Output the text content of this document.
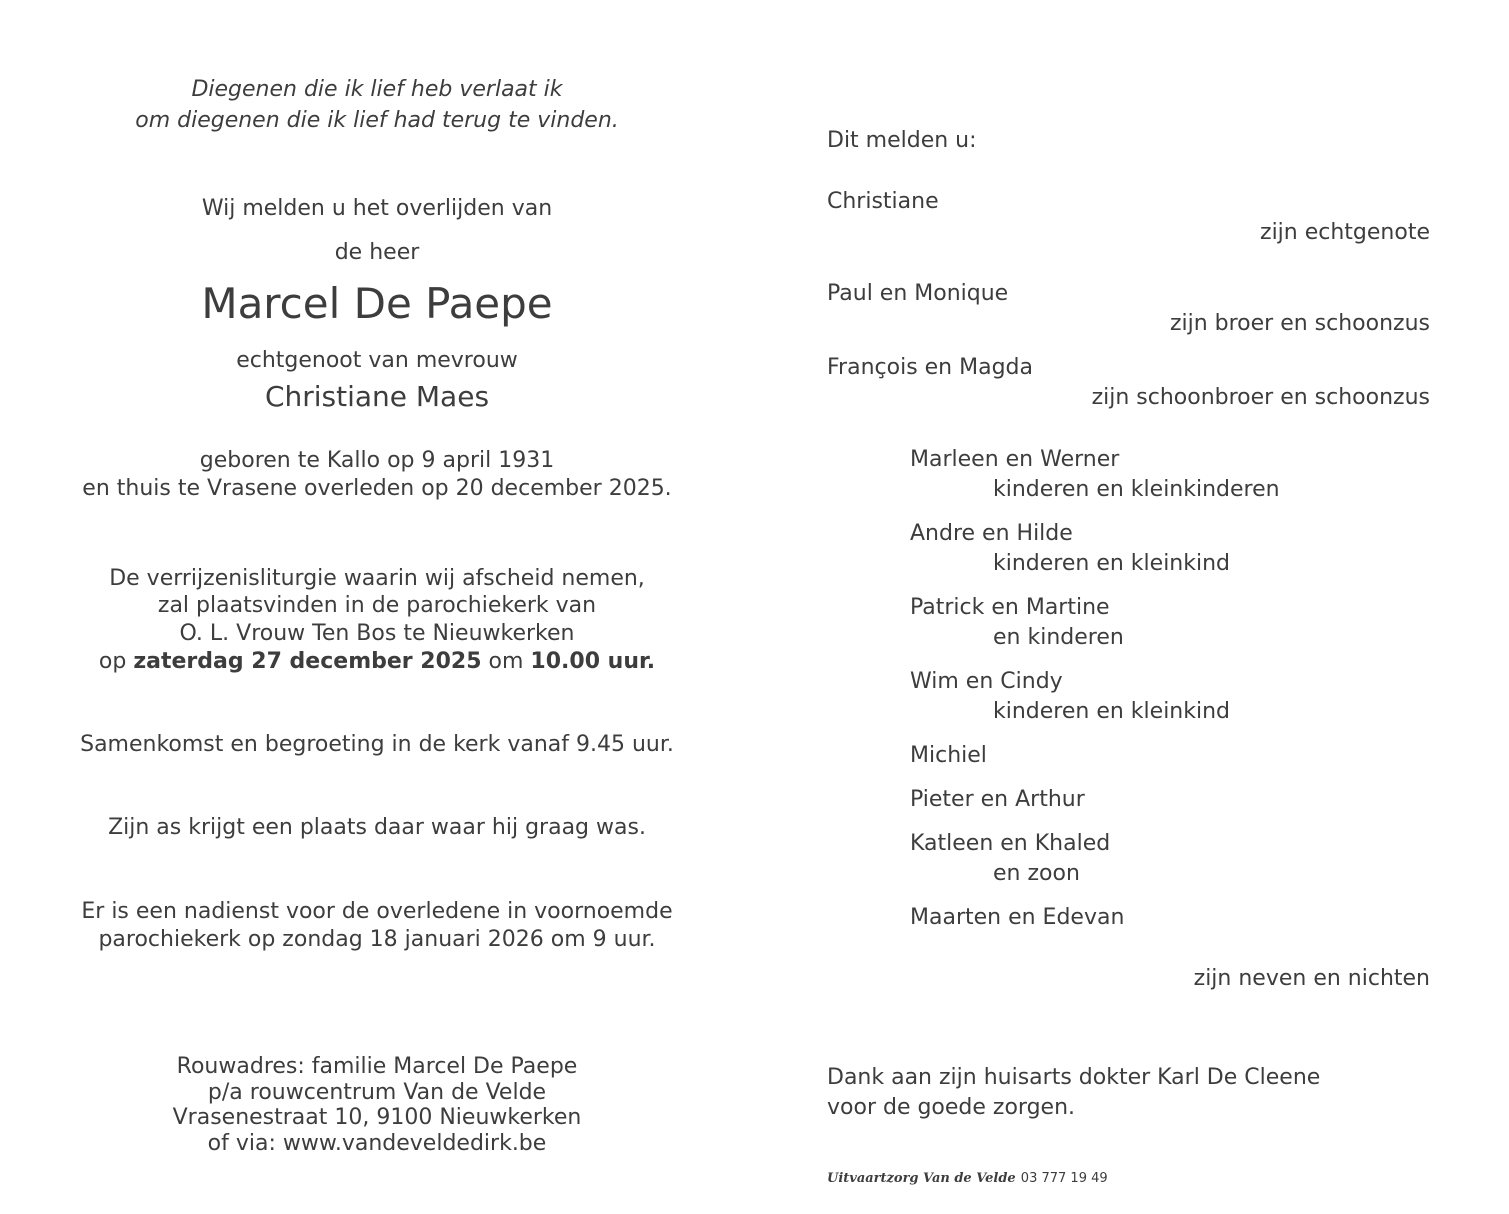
Diegenen die ik lief heb verlaat ik
om diegenen die ik lief had terug te vinden.
Wij melden u het overlijden van
de heer
Marcel De Paepe
echtgenoot van mevrouw
Christiane Maes
geboren te Kallo op 9 april 1931
en thuis te Vrasene overleden op 20 december 2025.
De verrijzenisliturgie waarin wij afscheid nemen,
zal plaatsvinden in de parochiekerk van
O. L. Vrouw Ten Bos te Nieuwkerken
op zaterdag 27 december 2025 om 10.00 uur.
Samenkomst en begroeting in de kerk vanaf 9.45 uur.
Zijn as krijgt een plaats daar waar hij graag was.
Er is een nadienst voor de overledene in voornoemde
parochiekerk op zondag 18 januari 2026 om 9 uur.
Rouwadres: familie Marcel De Paepe
p/a rouwcentrum Van de Velde
Vrasenestraat 10, 9100 Nieuwkerken
of via: www.vandeveldedirk.be
Dit melden u:
Christiane
zijn echtgenote
Paul en Monique
zijn broer en schoonzus
François en Magda
zijn schoonbroer en schoonzus
Marleen en Werner
kinderen en kleinkinderen
Andre en Hilde
kinderen en kleinkind
Patrick en Martine
en kinderen
Wim en Cindy
kinderen en kleinkind
Michiel
Pieter en Arthur
Katleen en Khaled
en zoon
Maarten en Edevan
zijn neven en nichten
Dank aan zijn huisarts dokter Karl De Cleene
voor de goede zorgen.
Uitvaartzorg Van de Velde 03 777 19 49
